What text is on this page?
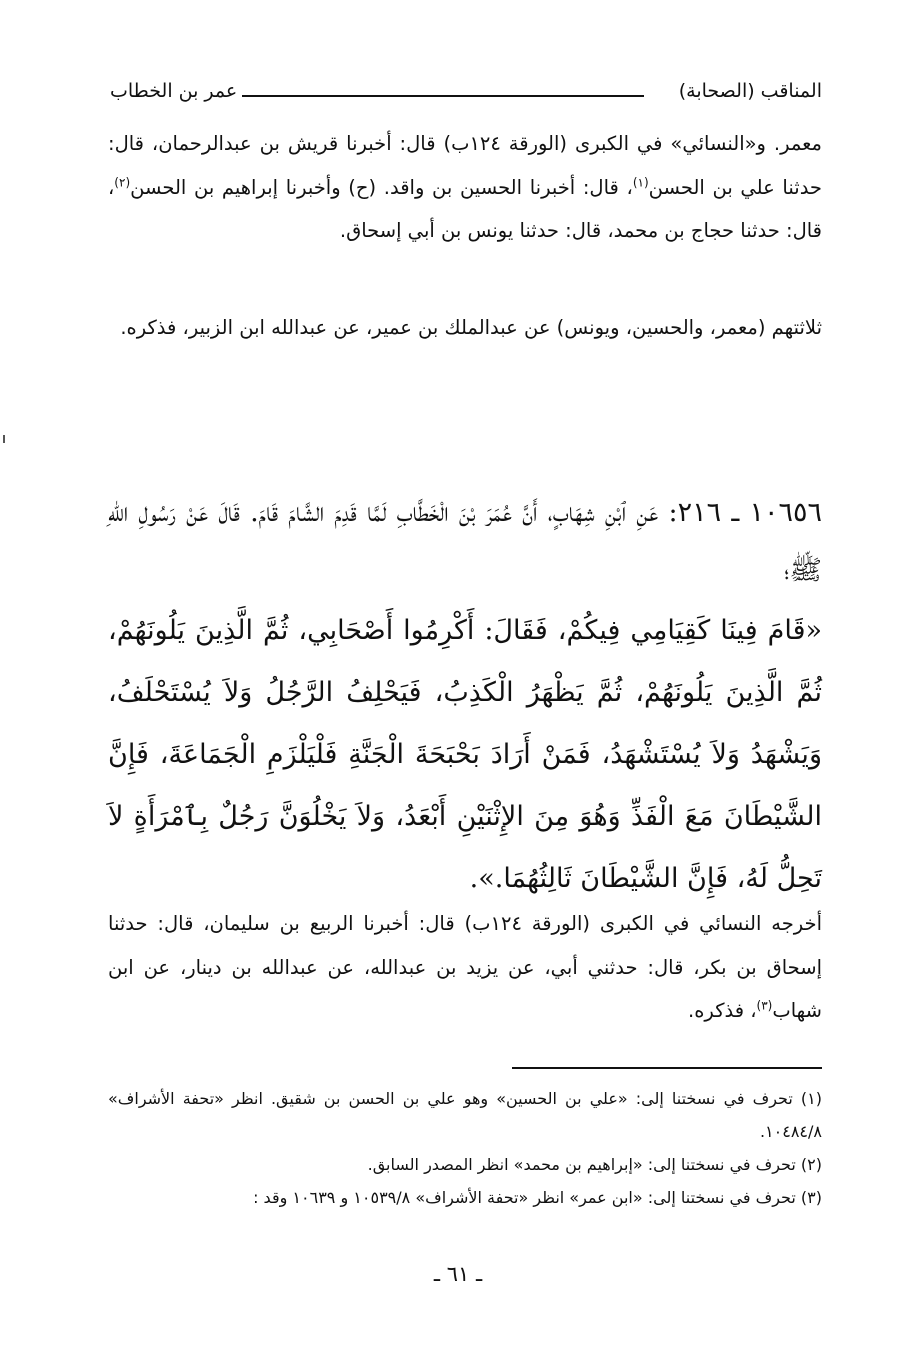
المناقب (الصحابة)
عمر بن الخطاب

معمر. و«النسائي» في الكبرى (الورقة ١٢٤ب) قال: أخبرنا قريش بن عبدالرحمان، قال: حدثنا علي بن الحسن$^{(١)}$، قال: أخبرنا الحسين بن واقد. (ح) وأخبرنا إبراهيم بن الحسن$^{(٢)}$، قال: حدثنا حجاج بن محمد، قال: حدثنا يونس بن أبي إسحاق.

ثلاثتهم (معمر، والحسين، ويونس) عن عبدالملك بن عمير، عن عبدالله ابن الزبير، فذكره.

١٠٦٥٦ ـ ٢١٦: عَنِ ٱبْنِ شِهَابٍ، أَنَّ عُمَرَ بْنَ الْخَطَّابِ لَمَّا قَدِمَ الشَّامَ قَامَ. قَالَ عَنْ رَسُولِ اللهِ ﷺ؛

«قَامَ فِينَا كَقِيَامِي فِيكُمْ، فَقَالَ: أَكْرِمُوا أَصْحَابِي، ثُمَّ الَّذِينَ يَلُونَهُمْ، ثُمَّ الَّذِينَ يَلُونَهُمْ، ثُمَّ يَظْهَرُ الْكَذِبُ، فَيَحْلِفُ الرَّجُلُ وَلاَ يُسْتَحْلَفُ، وَيَشْهَدُ وَلاَ يُسْتَشْهَدُ، فَمَنْ أَرَادَ بَحْبَحَةَ الْجَنَّةِ فَلْيَلْزَمِ الْجَمَاعَةَ، فَإِنَّ الشَّيْطَانَ مَعَ الْفَذِّ وَهُوَ مِنَ الإِثْنَيْنِ أَبْعَدُ، وَلاَ يَخْلُوَنَّ رَجُلٌ بِٱمْرَأَةٍ لاَ تَحِلُّ لَهُ، فَإِنَّ الشَّيْطَانَ ثَالِثُهُمَا.».

أخرجه النسائي في الكبرى (الورقة ١٢٤ب) قال: أخبرنا الربيع بن سليمان، قال: حدثنا إسحاق بن بكر، قال: حدثني أبي، عن يزيد بن عبدالله، عن عبدالله بن دينار، عن ابن شهاب$^{(٣)}$، فذكره.

(١) تحرف في نسختنا إلى: «علي بن الحسين» وهو علي بن الحسن بن شقيق. انظر «تحفة الأشراف» ١٠٤٨٤/٨.

(٢) تحرف في نسختنا إلى: «إبراهيم بن محمد» انظر المصدر السابق.

(٣) تحرف في نسختنا إلى: «ابن عمر» انظر «تحفة الأشراف» ١٠٥٣٩/٨ و ١٠٦٣٩ وقد :

ـ ٦١ ـ
